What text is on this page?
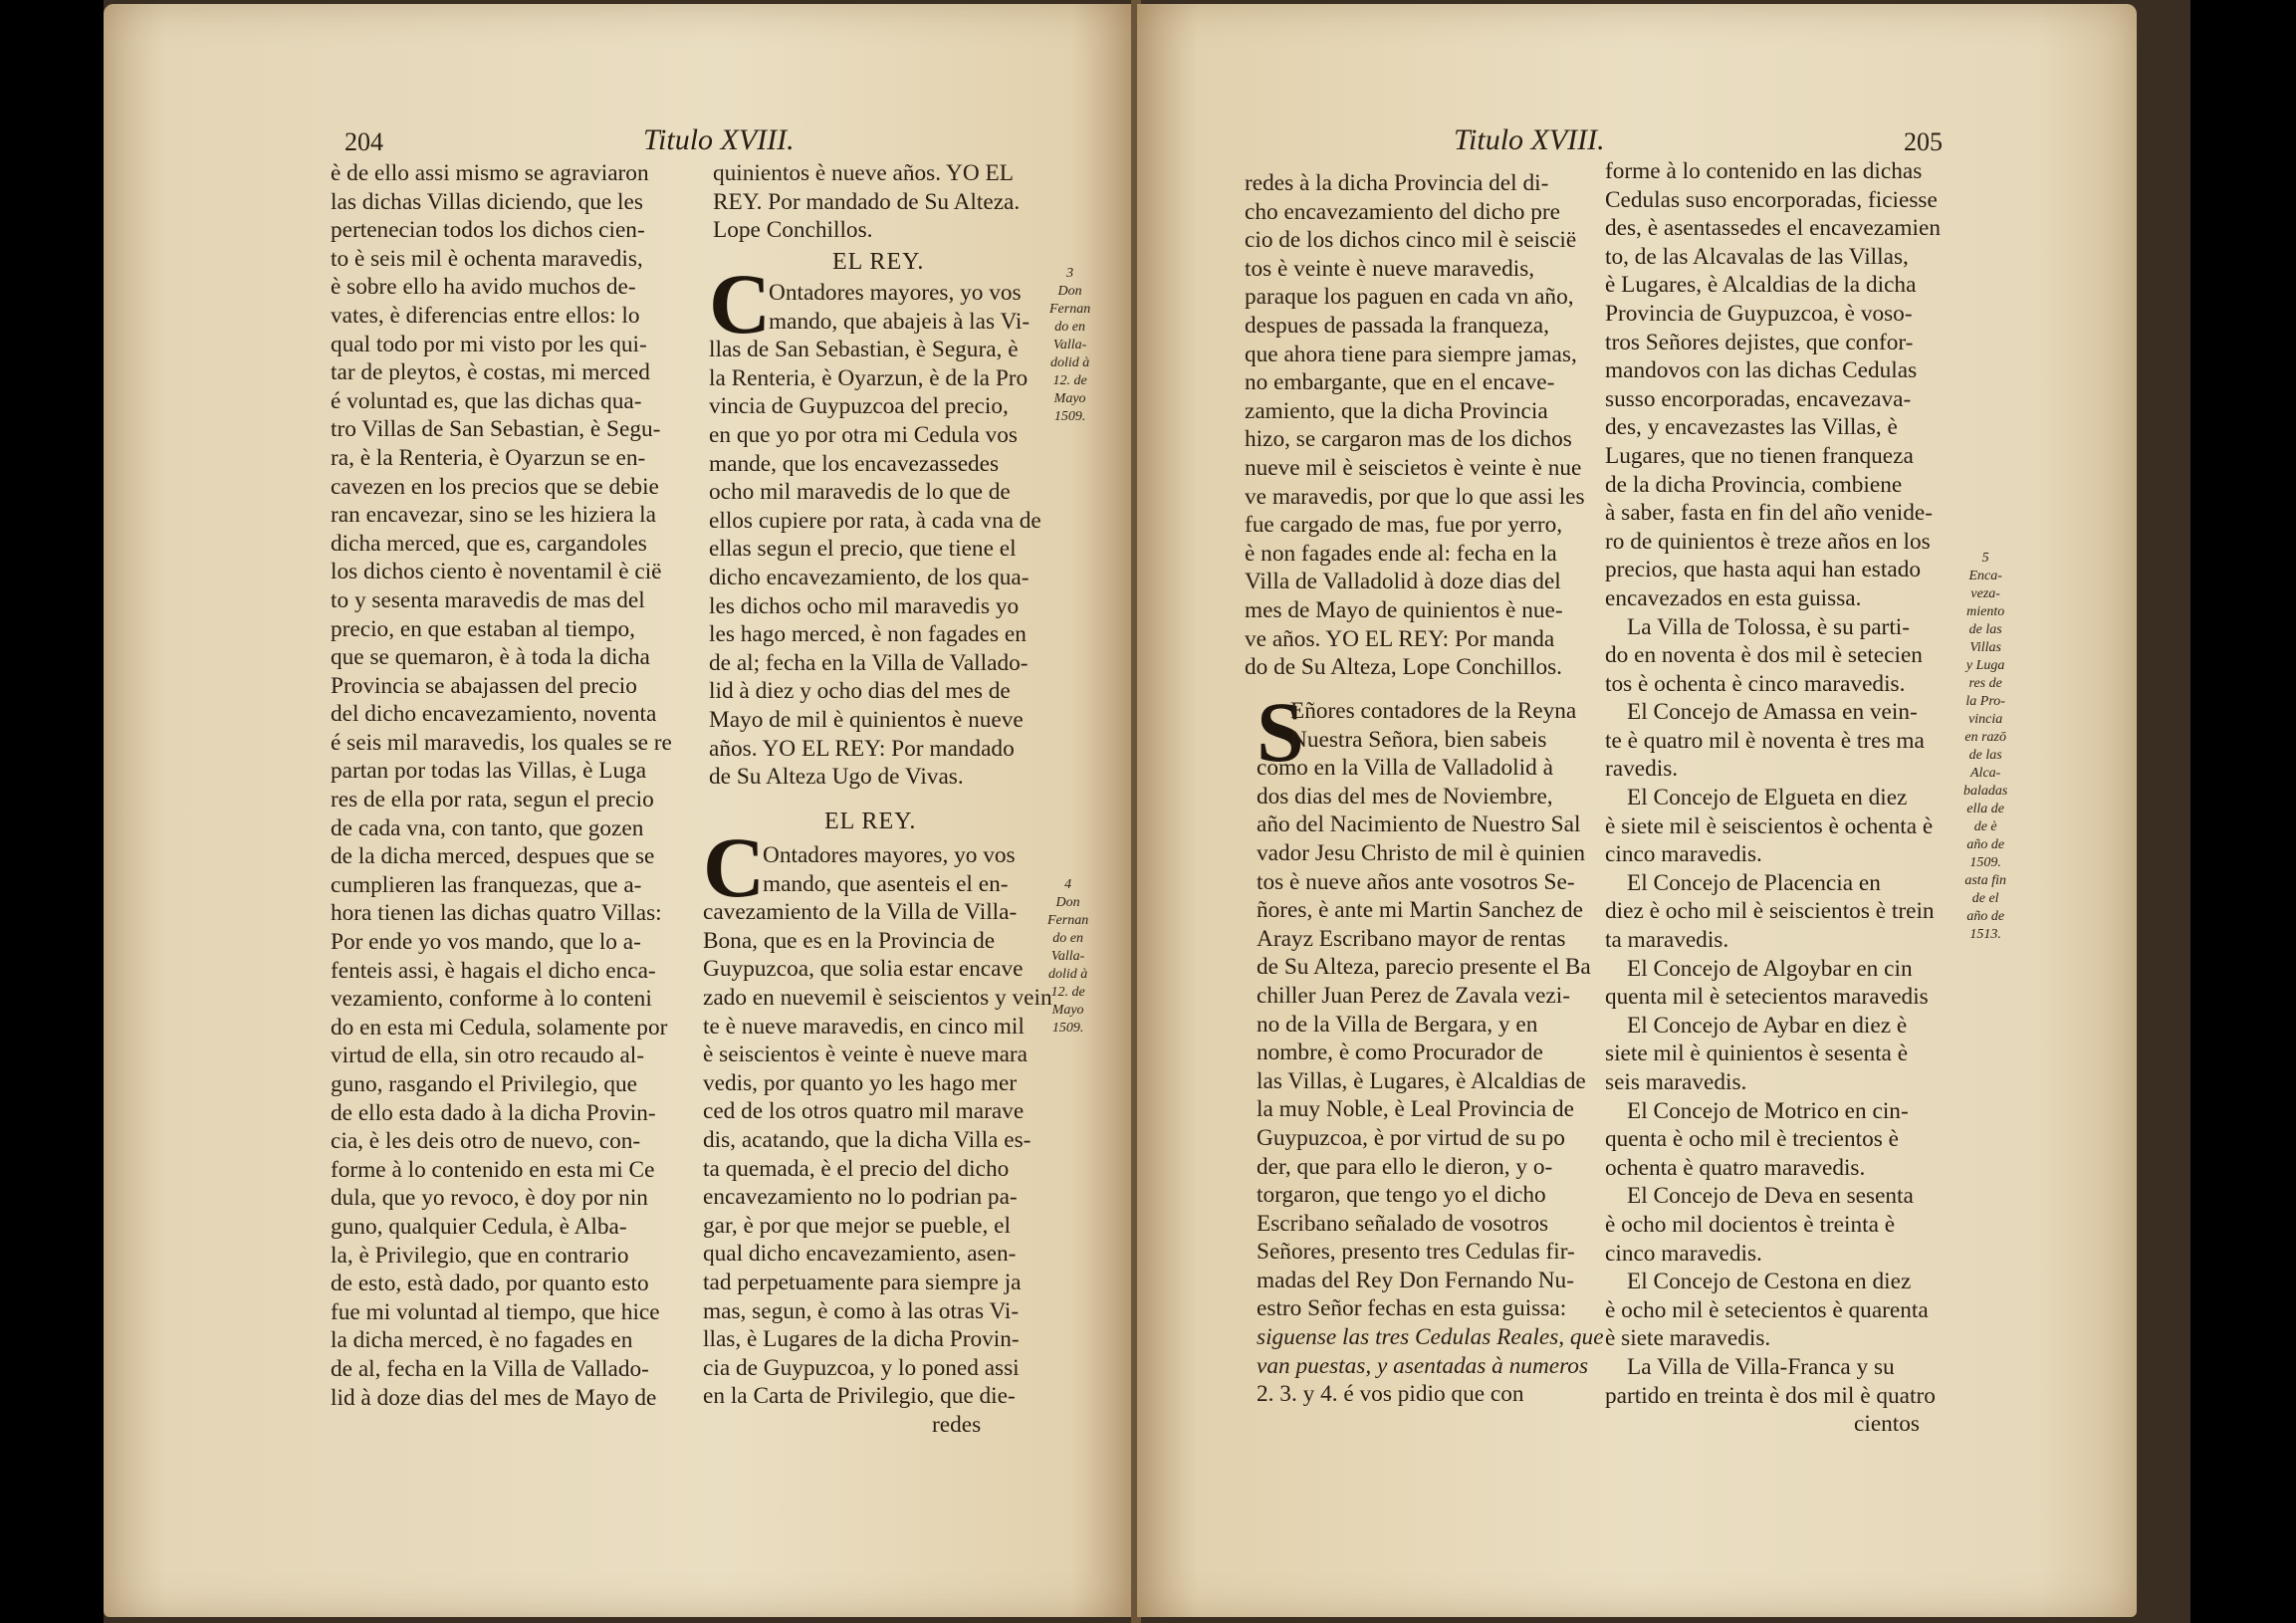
204	Titulo XVIII.
è de ello assi mismo se agraviaron
las dichas Villas diciendo, que les
pertenecian todos los dichos cien-
to è seis mil è ochenta maravedis,
è sobre ello ha avido muchos de-
vates, è diferencias entre ellos: lo
qual todo por mi visto por les qui-
tar de pleytos, è costas, mi merced
é voluntad es, que las dichas qua-
tro Villas de San Sebastian, è Segu-
ra, è la Renteria, è Oyarzun se en-
cavezen en los precios que se debie
ran encavezar, sino se les hiziera la
dicha merced, que es, cargandoles
los dichos ciento è noventamil è cië
to y sesenta maravedis de mas del
precio, en que estaban al tiempo,
que se quemaron, è à toda la dicha
Provincia se abajassen del precio
del dicho encavezamiento, noventa
é seis mil maravedis, los quales se re
partan por todas las Villas, è Luga
res de ella por rata, segun el precio
de cada vna, con tanto, que gozen
de la dicha merced, despues que se
cumplieren las franquezas, que a-
hora tienen las dichas quatro Villas:
Por ende yo vos mando, que lo a-
fenteis assi, è hagais el dicho enca-
vezamiento, conforme à lo conteni
do en esta mi Cedula, solamente por
virtud de ella, sin otro recaudo al-
guno, rasgando el Privilegio, que
de ello esta dado à la dicha Provin-
cia, è les deis otro de nuevo, con-
forme à lo contenido en esta mi Ce
dula, que yo revoco, è doy por nin
guno, qualquier Cedula, è Alba-
la, è Privilegio, que en contrario
de esto, està dado, por quanto esto
fue mi voluntad al tiempo, que hice
la dicha merced, è no fagades en
de al, fecha en la Villa de Vallado-
lid à doze dias del mes de Mayo de
quinientos è nueve años. YO EL
REY. Por mandado de Su Alteza.
Lope Conchillos.
EL REY.
C
Ontadores mayores, yo vos
mando, que abajeis à las Vi-
llas de San Sebastian, è Segura, è
la Renteria, è Oyarzun, è de la Pro
vincia de Guypuzcoa del precio,
en que yo por otra mi Cedula vos
mande, que los encavezassedes
ocho mil maravedis de lo que de
ellos cupiere por rata, à cada vna de
ellas segun el precio, que tiene el
dicho encavezamiento, de los qua-
les dichos ocho mil maravedis yo
les hago merced, è non fagades en
de al; fecha en la Villa de Vallado-
lid à diez y ocho dias del mes de
Mayo de mil è quinientos è nueve
años. YO EL REY: Por mandado
de Su Alteza Ugo de Vivas.
EL REY.
C
Ontadores mayores, yo vos
mando, que asenteis el en-
cavezamiento de la Villa de Villa-
Bona, que es en la Provincia de
Guypuzcoa, que solia estar encave
zado en nuevemil è seiscientos y vein
te è nueve maravedis, en cinco mil
è seiscientos è veinte è nueve mara
vedis, por quanto yo les hago mer
ced de los otros quatro mil marave
dis, acatando, que la dicha Villa es-
ta quemada, è el precio del dicho
encavezamiento no lo podrian pa-
gar, è por que mejor se pueble, el
qual dicho encavezamiento, asen-
tad perpetuamente para siempre ja
mas, segun, è como à las otras Vi-
llas, è Lugares de la dicha Provin-
cia de Guypuzcoa, y lo poned assi
en la Carta de Privilegio, que die-
redes
3
Don
Fernan
do en
Valla-
dolid à
12. de
Mayo
1509.
4
Don
Fernan
do en
Valla-
dolid à
12. de
Mayo
1509.
Titulo XVIII.	205
redes à la dicha Provincia del di-
cho encavezamiento del dicho pre
cio de los dichos cinco mil è seiscië
tos è veinte è nueve maravedis,
paraque los paguen en cada vn año,
despues de passada la franqueza,
que ahora tiene para siempre jamas,
no embargante, que en el encave-
zamiento, que la dicha Provincia
hizo, se cargaron mas de los dichos
nueve mil è seiscietos è veinte è nue
ve maravedis, por que lo que assi les
fue cargado de mas, fue por yerro,
è non fagades ende al: fecha en la
Villa de Valladolid à doze dias del
mes de Mayo de quinientos è nue-
ve años. YO EL REY: Por manda
do de Su Alteza, Lope Conchillos.
S
Eñores contadores de la Reyna
Nuestra Señora, bien sabeis
como en la Villa de Valladolid à
dos dias del mes de Noviembre,
año del Nacimiento de Nuestro Sal
vador Jesu Christo de mil è quinien
tos è nueve años ante vosotros Se-
ñores, è ante mi Martin Sanchez de
Arayz Escribano mayor de rentas
de Su Alteza, parecio presente el Ba
chiller Juan Perez de Zavala vezi-
no de la Villa de Bergara, y en
nombre, è como Procurador de
las Villas, è Lugares, è Alcaldias de
la muy Noble, è Leal Provincia de
Guypuzcoa, è por virtud de su po
der, que para ello le dieron, y o-
torgaron, que tengo yo el dicho
Escribano señalado de vosotros
Señores, presento tres Cedulas fir-
madas del Rey Don Fernando Nu-
estro Señor fechas en esta guissa:
siguense las tres Cedulas Reales, que
van puestas, y asentadas à numeros
2. 3. y 4. é vos pidio que con
forme à lo contenido en las dichas
Cedulas suso encorporadas, ficiesse
des, è asentassedes el encavezamien
to, de las Alcavalas de las Villas,
è Lugares, è Alcaldias de la dicha
Provincia de Guypuzcoa, è voso-
tros Señores dejistes, que confor-
mandovos con las dichas Cedulas
susso encorporadas, encavezava-
des, y encavezastes las Villas, è
Lugares, que no tienen franqueza
de la dicha Provincia, combiene
à saber, fasta en fin del año venide-
ro de quinientos è treze años en los
precios, que hasta aqui han estado
encavezados en esta guissa.
La Villa de Tolossa, è su parti-
do en noventa è dos mil è setecien
tos è ochenta è cinco maravedis.
El Concejo de Amassa en vein-
te è quatro mil è noventa è tres ma
ravedis.
El Concejo de Elgueta en diez
è siete mil è seiscientos è ochenta è
cinco maravedis.
El Concejo de Placencia en
diez è ocho mil è seiscientos è trein
ta maravedis.
El Concejo de Algoybar en cin
quenta mil è setecientos maravedis
El Concejo de Aybar en diez è
siete mil è quinientos è sesenta è
seis maravedis.
El Concejo de Motrico en cin-
quenta è ocho mil è trecientos è
ochenta è quatro maravedis.
El Concejo de Deva en sesenta
è ocho mil docientos è treinta è
cinco maravedis.
El Concejo de Cestona en diez
è ocho mil è setecientos è quarenta
è siete maravedis.
La Villa de Villa-Franca y su
partido en treinta è dos mil è quatro
cientos
5
Enca-
veza-
miento
de las
Villas
y Luga
res de
la Pro-
vincia
en razō
de las
Alca-
baladas
ella de
de è
año de
1509.
asta fin
de el
año de
1513.
